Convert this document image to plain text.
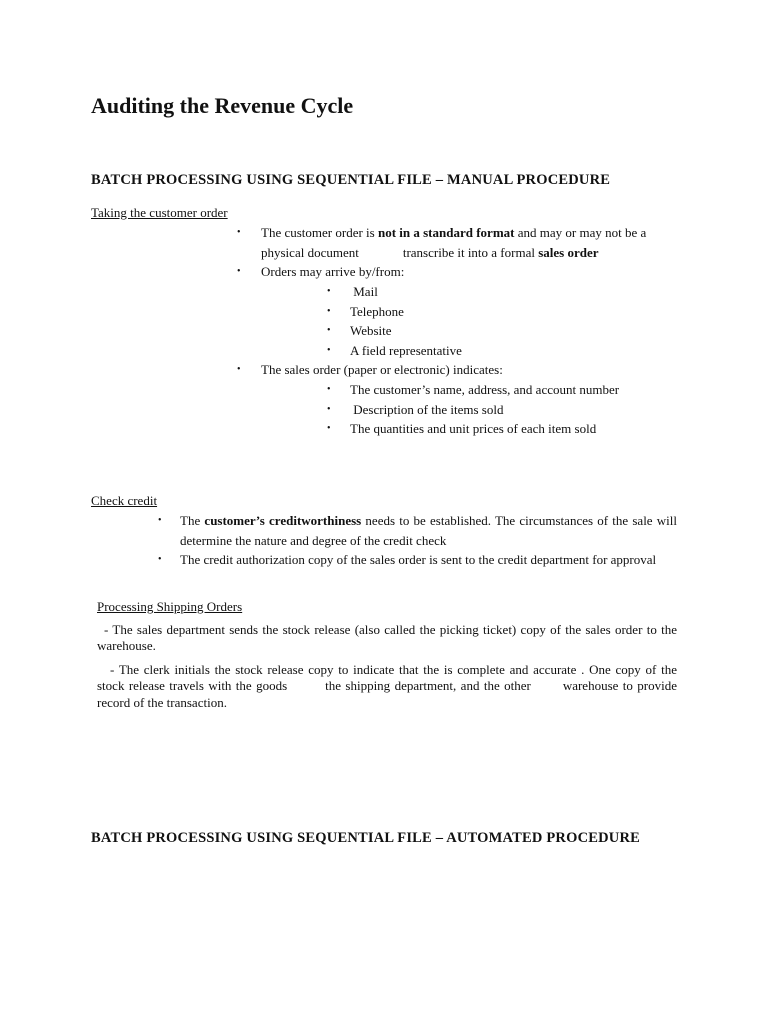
Auditing the Revenue Cycle
BATCH PROCESSING USING SEQUENTIAL FILE – MANUAL PROCEDURE
Taking the customer order
• The customer order is not in a standard format and may or may not be a
physical document	transcribe it into a formal sales order
• Orders may arrive by/from:
• Mail
• Telephone
• Website
• A field representative
• The sales order (paper or electronic) indicates:
• The customer’s name, address, and account number
• Description of the items sold
• The quantities and unit prices of each item sold
Check credit
• The customer’s creditworthiness needs to be established. The circumstances of the sale will determine the nature and degree of the credit check
• The credit authorization copy of the sales order is sent to the credit department for approval
Processing Shipping Orders
- The sales department sends the stock release (also called the picking ticket) copy of the sales order to the warehouse.
- The clerk initials the stock release copy to indicate that the is complete and accurate . One copy of the stock release travels with the goods	the shipping department, and the other warehouse to provide record of the transaction.
BATCH PROCESSING USING SEQUENTIAL FILE – AUTOMATED PROCEDURE
